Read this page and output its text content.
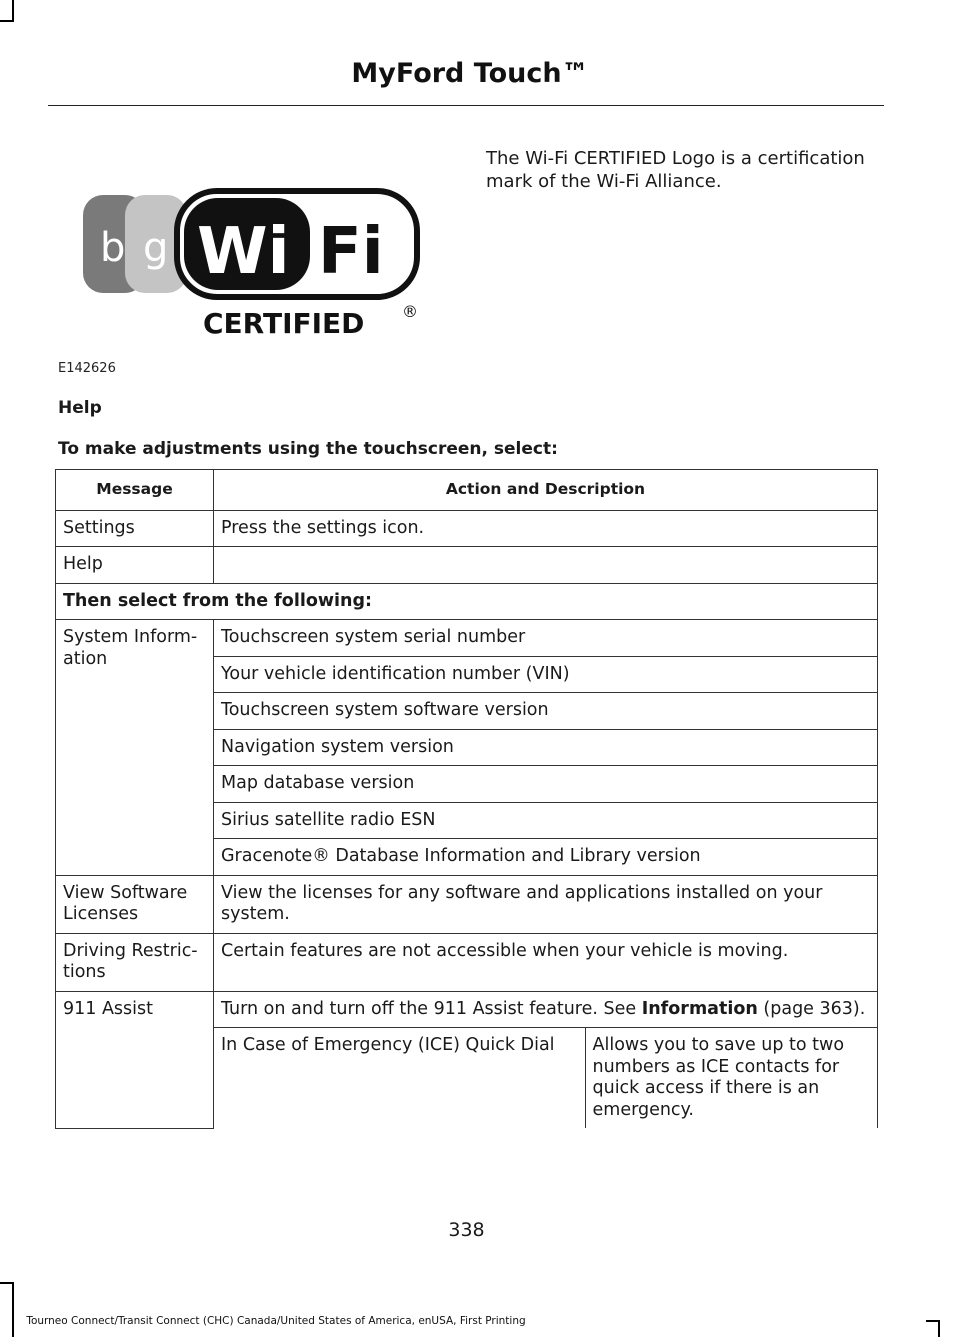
MyFord Touch™
b g Wi Fi
CERTIFIED ®
E142626
The Wi-Fi CERTIFIED Logo is a certification mark of the Wi-Fi Alliance.
Help
To make adjustments using the touchscreen, select:
Message	Action and Description
Settings	Press the settings icon.
Help	
Then select from the following:
System Inform-ation	Touchscreen system serial number
Your vehicle identification number (VIN)
Touchscreen system software version
Navigation system version
Map database version
Sirius satellite radio ESN
Gracenote® Database Information and Library version
View Software Licenses	View the licenses for any software and applications installed on your system.
Driving Restric-tions	Certain features are not accessible when your vehicle is moving.
911 Assist	Turn on and turn off the 911 Assist feature. See Information (page 363).

In Case of Emergency (ICE) Quick Dial	Allows you to save up to two numbers as ICE contacts for quick access if there is an emergency.
338
Tourneo Connect/Transit Connect (CHC) Canada/United States of America, enUSA, First Printing
